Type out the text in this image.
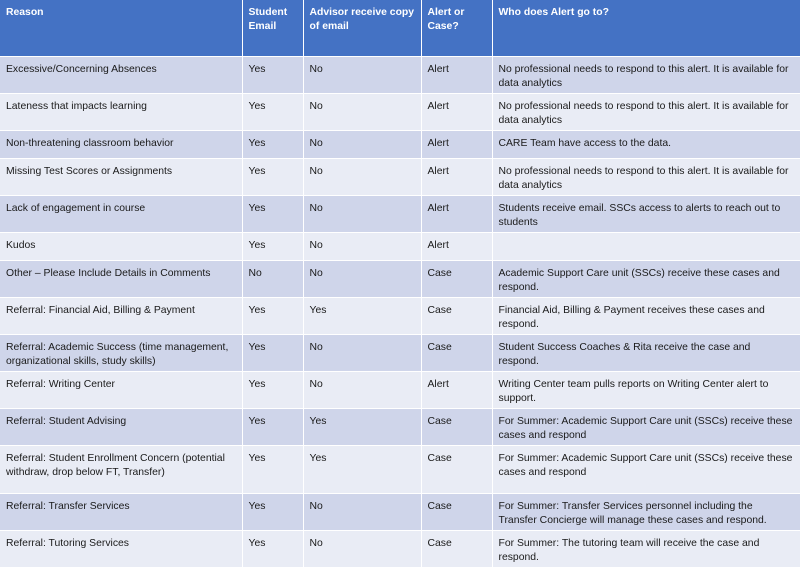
Reason	Student Email	Advisor receive copy of email	Alert or Case?	Who does Alert go to?
Excessive/Concerning Absences	Yes	No	Alert	No professional needs to respond to this alert. It is available for data analytics
Lateness that impacts learning	Yes	No	Alert	No professional needs to respond to this alert. It is available for data analytics
Non-threatening classroom behavior	Yes	No	Alert	CARE Team have access to the data.
Missing Test Scores or Assignments	Yes	No	Alert	No professional needs to respond to this alert. It is available for data analytics
Lack of engagement in course	Yes	No	Alert	Students receive email. SSCs access to alerts to reach out to students
Kudos	Yes	No	Alert	
Other – Please Include Details in Comments	No	No	Case	Academic Support Care unit (SSCs) receive these cases and respond.
Referral: Financial Aid, Billing & Payment	Yes	Yes	Case	Financial Aid, Billing & Payment receives these cases and respond.
Referral: Academic Success (time management, organizational skills, study skills)	Yes	No	Case	Student Success Coaches & Rita receive the case and respond.
Referral: Writing Center	Yes	No	Alert	Writing Center team pulls reports on Writing Center alert to support.
Referral: Student Advising	Yes	Yes	Case	For Summer: Academic Support Care unit (SSCs) receive these cases and respond
Referral: Student Enrollment Concern (potential withdraw, drop below FT, Transfer)	Yes	Yes	Case	For Summer: Academic Support Care unit (SSCs) receive these cases and respond
Referral: Transfer Services	Yes	No	Case	For Summer: Transfer Services personnel including the Transfer Concierge will manage these cases and respond.
Referral: Tutoring Services	Yes	No	Case	For Summer: The tutoring team will receive the case and respond.
